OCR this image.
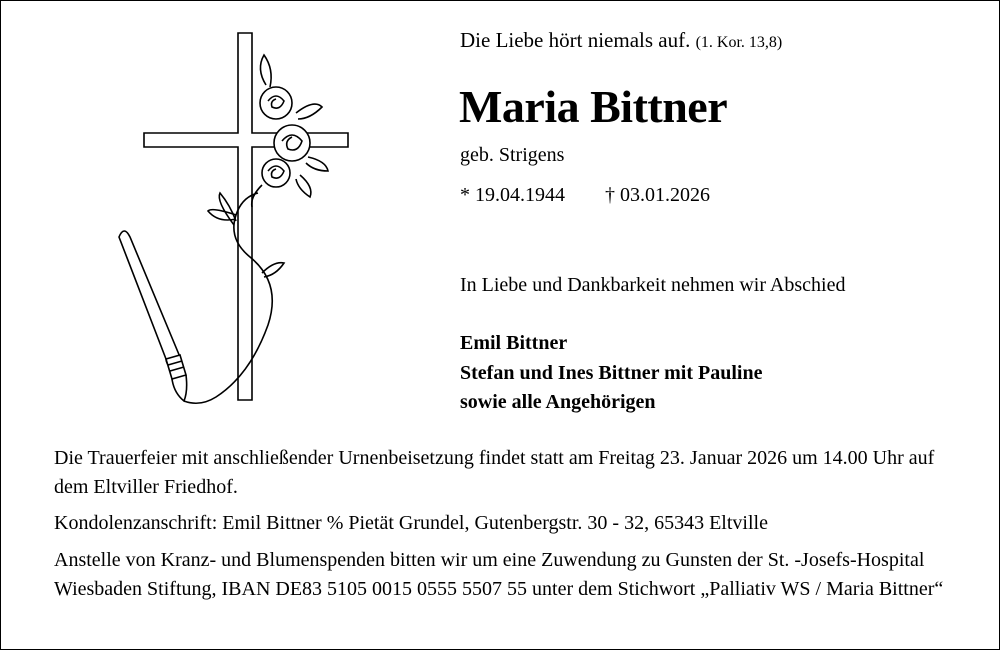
Die Liebe hört niemals auf. (1. Kor. 13,8)
Maria Bittner
geb. Strigens
* 19.04.1944 † 03.01.2026
In Liebe und Dankbarkeit nehmen wir Abschied
Emil Bittner
Stefan und Ines Bittner mit Pauline
sowie alle Angehörigen
Die Trauerfeier mit anschließender Urnenbeisetzung findet statt am Freitag 23. Januar 2026 um 14.00 Uhr auf dem Eltviller Friedhof.
Kondolenzanschrift: Emil Bittner % Pietät Grundel, Gutenbergstr. 30 - 32, 65343 Eltville
Anstelle von Kranz- und Blumenspenden bitten wir um eine Zuwendung zu Gunsten der St. -Josefs-Hospital Wiesbaden Stiftung, IBAN DE83 5105 0015 0555 5507 55 unter dem Stichwort „Palliativ WS / Maria Bittner“
